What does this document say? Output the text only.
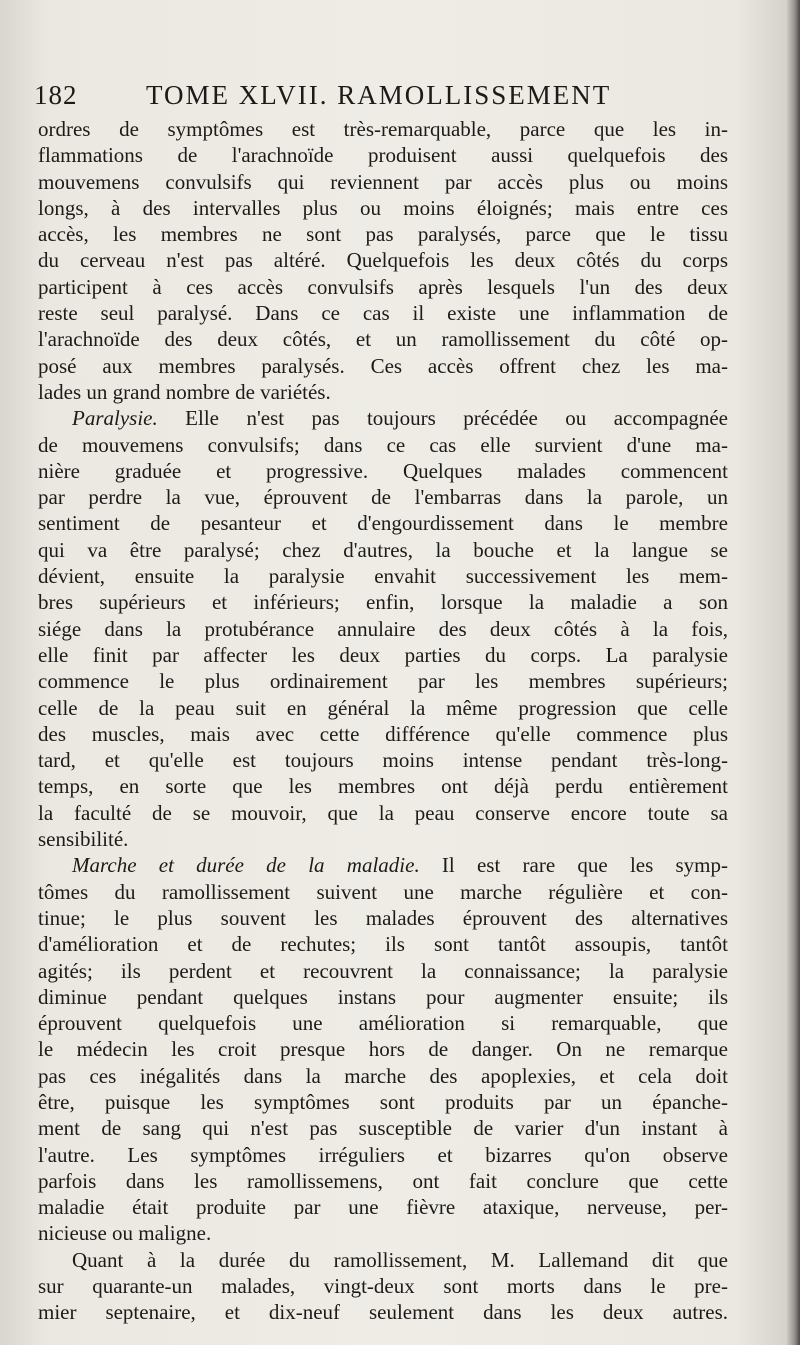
182	TOME XLVII. RAMOLLISSEMENT
ordres de symptômes est très-remarquable, parce que les in-
flammations de l'arachnoïde produisent aussi quelquefois des
mouvemens convulsifs qui reviennent par accès plus ou moins
longs, à des intervalles plus ou moins éloignés; mais entre ces
accès, les membres ne sont pas paralysés, parce que le tissu
du cerveau n'est pas altéré. Quelquefois les deux côtés du corps
participent à ces accès convulsifs après lesquels l'un des deux
reste seul paralysé. Dans ce cas il existe une inflammation de
l'arachnoïde des deux côtés, et un ramollissement du côté op-
posé aux membres paralysés. Ces accès offrent chez les ma-
lades un grand nombre de variétés.
Paralysie. Elle n'est pas toujours précédée ou accompagnée
de mouvemens convulsifs; dans ce cas elle survient d'une ma-
nière graduée et progressive. Quelques malades commencent
par perdre la vue, éprouvent de l'embarras dans la parole, un
sentiment de pesanteur et d'engourdissement dans le membre
qui va être paralysé; chez d'autres, la bouche et la langue se
dévient, ensuite la paralysie envahit successivement les mem-
bres supérieurs et inférieurs; enfin, lorsque la maladie a son
siége dans la protubérance annulaire des deux côtés à la fois,
elle finit par affecter les deux parties du corps. La paralysie
commence le plus ordinairement par les membres supérieurs;
celle de la peau suit en général la même progression que celle
des muscles, mais avec cette différence qu'elle commence plus
tard, et qu'elle est toujours moins intense pendant très-long-
temps, en sorte que les membres ont déjà perdu entièrement
la faculté de se mouvoir, que la peau conserve encore toute sa
sensibilité.
Marche et durée de la maladie. Il est rare que les symp-
tômes du ramollissement suivent une marche régulière et con-
tinue; le plus souvent les malades éprouvent des alternatives
d'amélioration et de rechutes; ils sont tantôt assoupis, tantôt
agités; ils perdent et recouvrent la connaissance; la paralysie
diminue pendant quelques instans pour augmenter ensuite; ils
éprouvent quelquefois une amélioration si remarquable, que
le médecin les croit presque hors de danger. On ne remarque
pas ces inégalités dans la marche des apoplexies, et cela doit
être, puisque les symptômes sont produits par un épanche-
ment de sang qui n'est pas susceptible de varier d'un instant à
l'autre. Les symptômes irréguliers et bizarres qu'on observe
parfois dans les ramollissemens, ont fait conclure que cette
maladie était produite par une fièvre ataxique, nerveuse, per-
nicieuse ou maligne.
Quant à la durée du ramollissement, M. Lallemand dit que
sur quarante-un malades, vingt-deux sont morts dans le pre-
mier septenaire, et dix-neuf seulement dans les deux autres.
